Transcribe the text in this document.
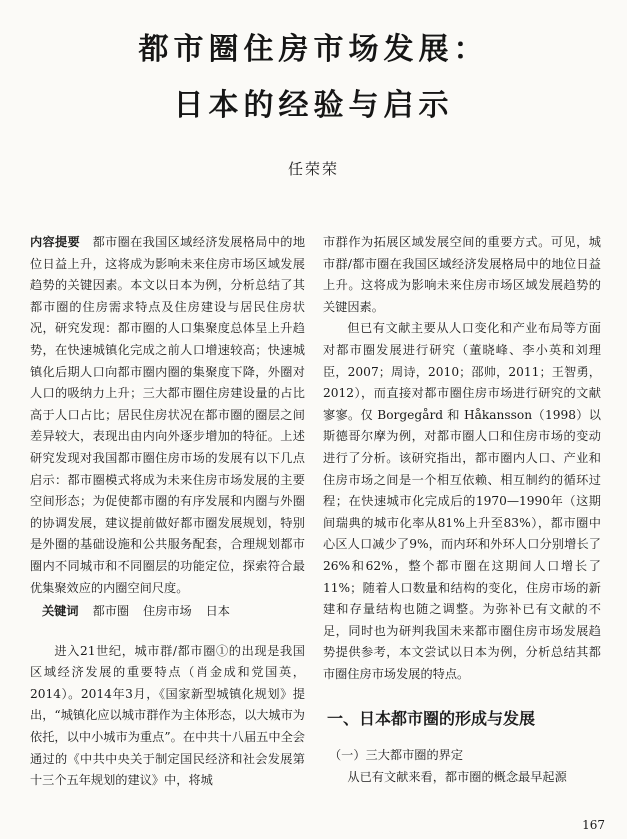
都市圈住房市场发展：
日本的经验与启示
任荣荣

内容提要　 都市圈在我国区域经济发展格局中的地位日益上升，这将成为影响未来住房市场区域发展趋势的关键因素。本文以日本为例，分析总结了其都市圈的住房需求特点及住房建设与居民住房状况，研究发现：都市圈的人口集聚度总体呈上升趋势，在快速城镇化完成之前人口增速较高；快速城镇化后期人口向都市圈内圈的集聚度下降，外圈对人口的吸纳力上升；三大都市圈住房建设量的占比高于人口占比；居民住房状况在都市圈的圈层之间差异较大，表现出由内向外逐步增加的特征。上述研究发现对我国都市圈住房市场的发展有以下几点启示：都市圈模式将成为未来住房市场发展的主要空间形态；为促使都市圈的有序发展和内圈与外圈的协调发展，建议提前做好都市圈发展规划，特别是外圈的基础设施和公共服务配套，合理规划都市圈内不同城市和不同圈层的功能定位，探索符合最优集聚效应的内圈空间尺度。

关键词 都市圈 住房市场 日本

进入21世纪，城市群/都市圈①的出现是我国区域经济发展的重要特点（肖金成和党国英，2014）。2014年3月，《国家新型城镇化规划》提出，“城镇化应以城市群作为主体形态，以大城市为依托，以中小城市为重点”。在中共十八届五中全会通过的《中共中央关于制定国民经济和社会发展第十三个五年规划的建议》中，将城

市群作为拓展区域发展空间的重要方式。可见，城市群/都市圈在我国区域经济发展格局中的地位日益上升。这将成为影响未来住房市场区域发展趋势的关键因素。

但已有文献主要从人口变化和产业布局等方面对都市圈发展进行研究（董晓峰、李小英和刘理臣，2007；周诗，2010；邵帅，2011；王智勇，2012），而直接对都市圈住房市场进行研究的文献寥寥。仅 Borgegård 和 Håkansson（1998）以斯德哥尔摩为例，对都市圈人口和住房市场的变动进行了分析。该研究指出，都市圈内人口、产业和住房市场之间是一个相互依赖、相互制约的循环过程；在快速城市化完成后的1970—1990年（这期间瑞典的城市化率从81%上升至83%），都市圈中心区人口减少了9%，而内环和外环人口分别增长了26%和62%，整个都市圈在这期间人口增长了11%；随着人口数量和结构的变化，住房市场的新建和存量结构也随之调整。为弥补已有文献的不足，同时也为研判我国未来都市圈住房市场发展趋势提供参考，本文尝试以日本为例，分析总结其都市圈住房市场发展的特点。

一、日本都市圈的形成与发展

（一）三大都市圈的界定

从已有文献来看，都市圈的概念最早起源

167
